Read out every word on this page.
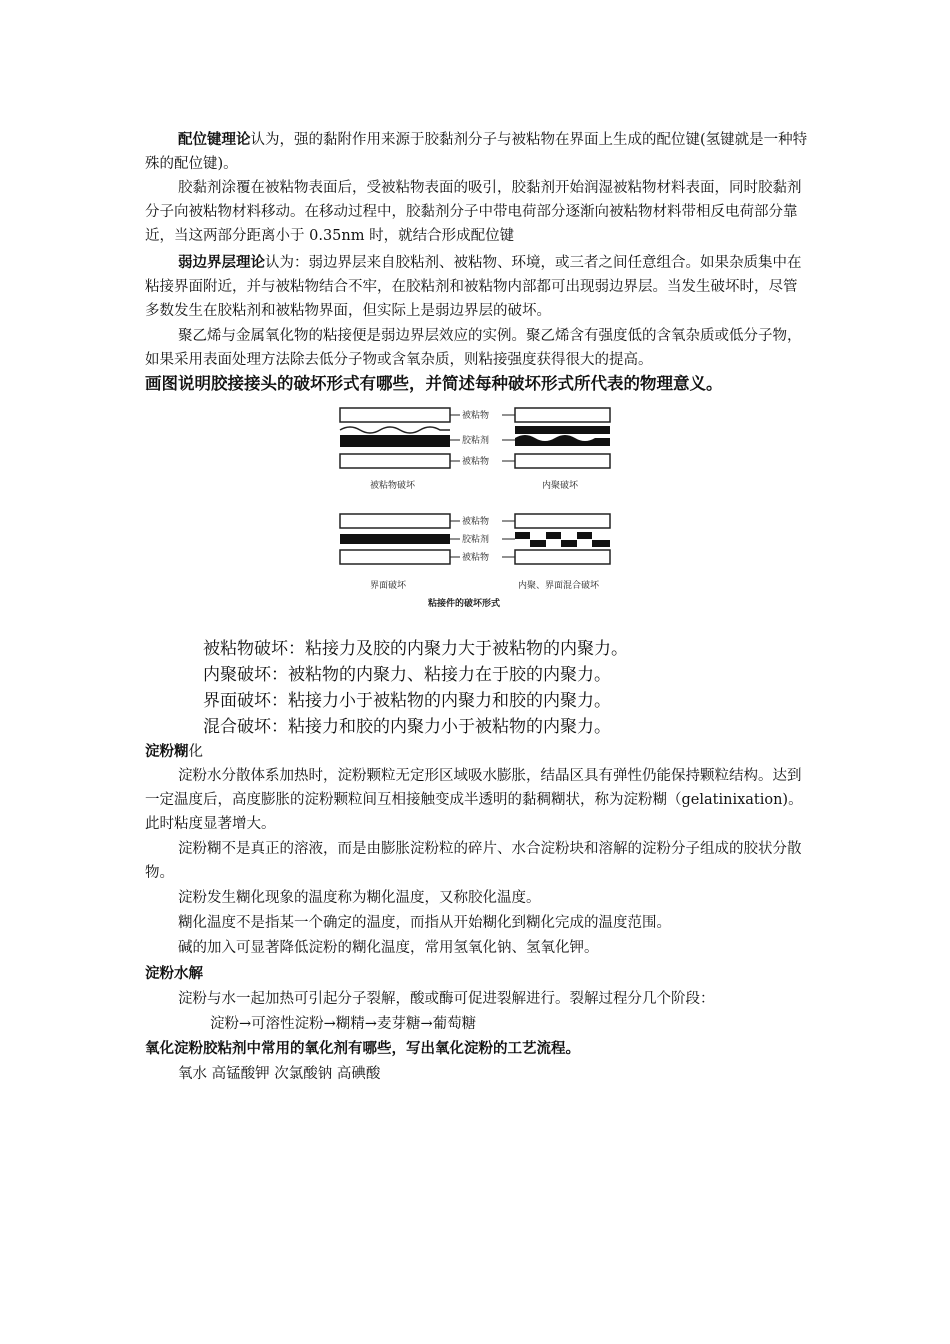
配位键理论认为，强的黏附作用来源于胶黏剂分子与被粘物在界面上生成的配位键(氢键就是一种特殊的配位键)。

胶黏剂涂覆在被粘物表面后，受被粘物表面的吸引，胶黏剂开始润湿被粘物材料表面，同时胶黏剂分子向被粘物材料移动。在移动过程中，胶黏剂分子中带电荷部分逐渐向被粘物材料带相反电荷部分靠近，当这两部分距离小于 0.35nm 时，就结合形成配位键

弱边界层理论认为：弱边界层来自胶粘剂、被粘物、环境，或三者之间任意组合。如果杂质集中在粘接界面附近，并与被粘物结合不牢，在胶粘剂和被粘物内部都可出现弱边界层。当发生破坏时，尽管多数发生在胶粘剂和被粘物界面，但实际上是弱边界层的破坏。

聚乙烯与金属氧化物的粘接便是弱边界层效应的实例。聚乙烯含有强度低的含氧杂质或低分子物，如果采用表面处理方法除去低分子物或含氧杂质，则粘接强度获得很大的提高。

画图说明胶接接头的破坏形式有哪些，并简述每种破坏形式所代表的物理意义。

被粘物
胶粘剂
被粘物
被粘物破坏	内聚破坏
被粘物
胶粘剂
被粘物
界面破坏	内聚、界面混合破坏
粘接件的破坏形式

被粘物破坏：粘接力及胶的内聚力大于被粘物的内聚力。

内聚破坏：被粘物的内聚力、粘接力在于胶的内聚力。

界面破坏：粘接力小于被粘物的内聚力和胶的内聚力。

混合破坏：粘接力和胶的内聚力小于被粘物的内聚力。

淀粉糊化

淀粉水分散体系加热时，淀粉颗粒无定形区域吸水膨胀，结晶区具有弹性仍能保持颗粒结构。达到一定温度后，高度膨胀的淀粉颗粒间互相接触变成半透明的黏稠糊状，称为淀粉糊（gelatinixation)。此时粘度显著增大。

淀粉糊不是真正的溶液，而是由膨胀淀粉粒的碎片、水合淀粉块和溶解的淀粉分子组成的胶状分散物。

淀粉发生糊化现象的温度称为糊化温度，又称胶化温度。

糊化温度不是指某一个确定的温度，而指从开始糊化到糊化完成的温度范围。

碱的加入可显著降低淀粉的糊化温度，常用氢氧化钠、氢氧化钾。

淀粉水解

淀粉与水一起加热可引起分子裂解，酸或酶可促进裂解进行。裂解过程分几个阶段：

淀粉→可溶性淀粉→糊精→麦芽糖→葡萄糖

氧化淀粉胶粘剂中常用的氧化剂有哪些，写出氧化淀粉的工艺流程。

氧水 高锰酸钾 次氯酸钠 高碘酸
